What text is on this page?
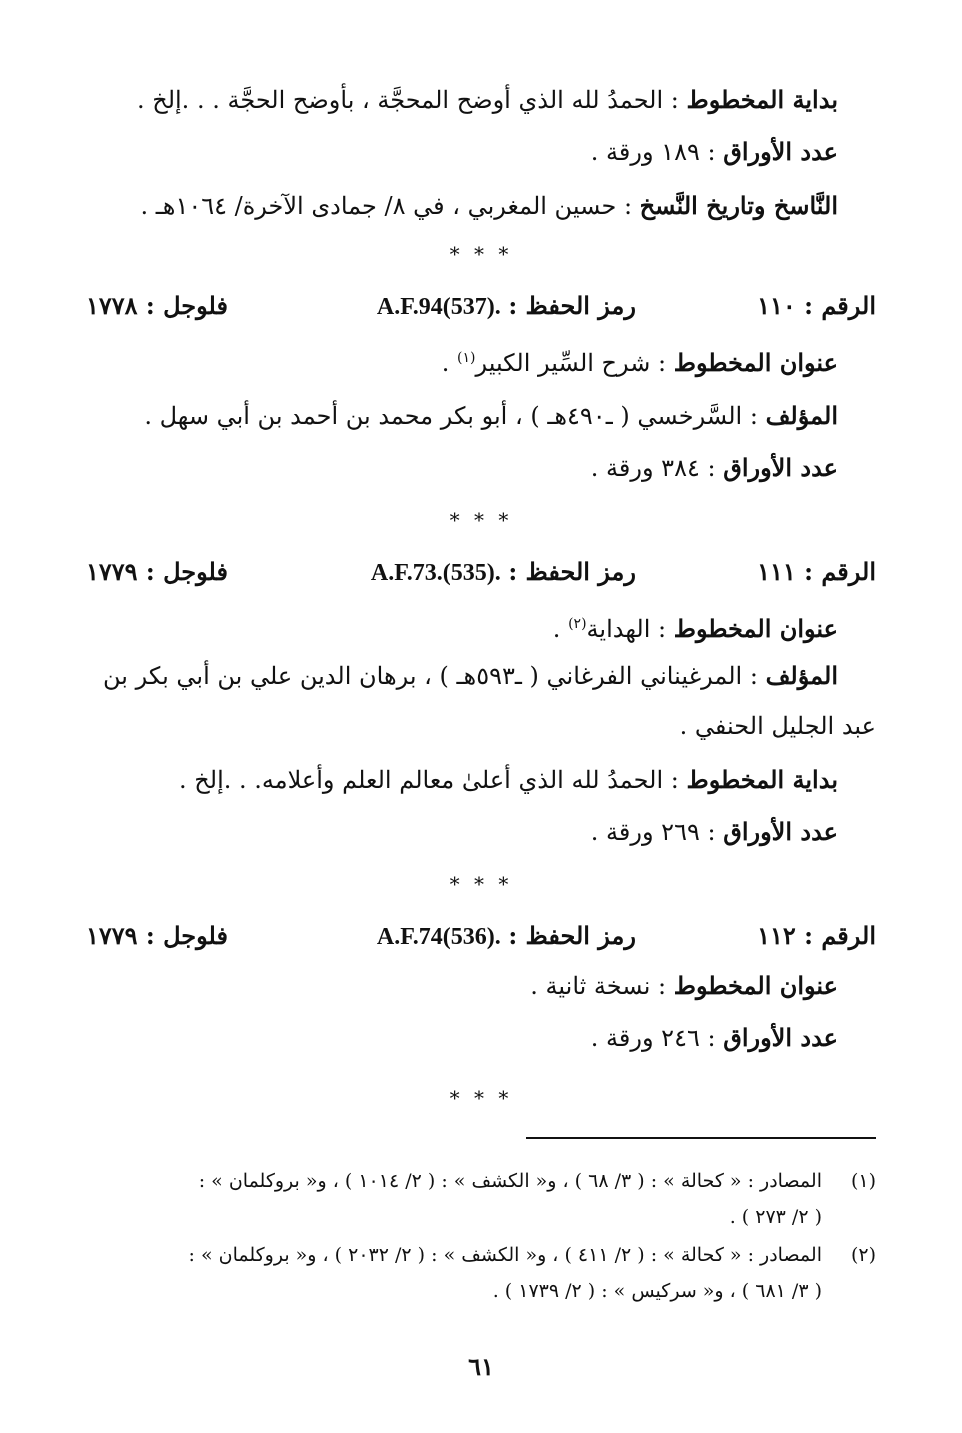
بداية المخطوط : الحمدُ لله الذي أوضح المحجَّة ، بأوضح الحجَّة . . .إلخ .
عدد الأوراق : ١٨٩ ورقة .
النَّاسخ وتاريخ النَّسخ : حسين المغربي ، في ٨/ جمادى الآخرة/ ١٠٦٤هـ .
* * *
الرقم : ١١٠
رمز الحفظ : A.F.94(537).
فلوجل : ١٧٧٨
عنوان المخطوط : شرح السِّير الكبير$^{(١)}$ .
المؤلف : السَّرخسي ( ـ٤٩٠هـ ) ، أبو بكر محمد بن أحمد بن أبي سهل .
عدد الأوراق : ٣٨٤ ورقة .
* * *
الرقم : ١١١
رمز الحفظ : A.F.73.(535).
فلوجل : ١٧٧٩
عنوان المخطوط : الهداية$^{(٢)}$ .
المؤلف : المرغيناني الفرغاني ( ـ٥٩٣هـ ) ، برهان الدين علي بن أبي بكر بن
عبد الجليل الحنفي .
بداية المخطوط : الحمدُ لله الذي أعلىٰ معالم العلم وأعلامه. . .إلخ .
عدد الأوراق : ٢٦٩ ورقة .
* * *
الرقم : ١١٢
رمز الحفظ : A.F.74(536).
فلوجل : ١٧٧٩
عنوان المخطوط : نسخة ثانية .
عدد الأوراق : ٢٤٦ ورقة .
* * *
(١)
المصادر : « كحالة » : ( ٣/ ٦٨ ) ، و« الكشف » : ( ٢/ ١٠١٤ ) ، و« بروكلمان » :
( ٢/ ٢٧٣ ) .
(٢)
المصادر : « كحالة » : ( ٢/ ٤١١ ) ، و« الكشف » : ( ٢/ ٢٠٣٢ ) ، و« بروكلمان » :
( ٣/ ٦٨١ ) ، و« سركيس » : ( ٢/ ١٧٣٩ ) .
٦١
